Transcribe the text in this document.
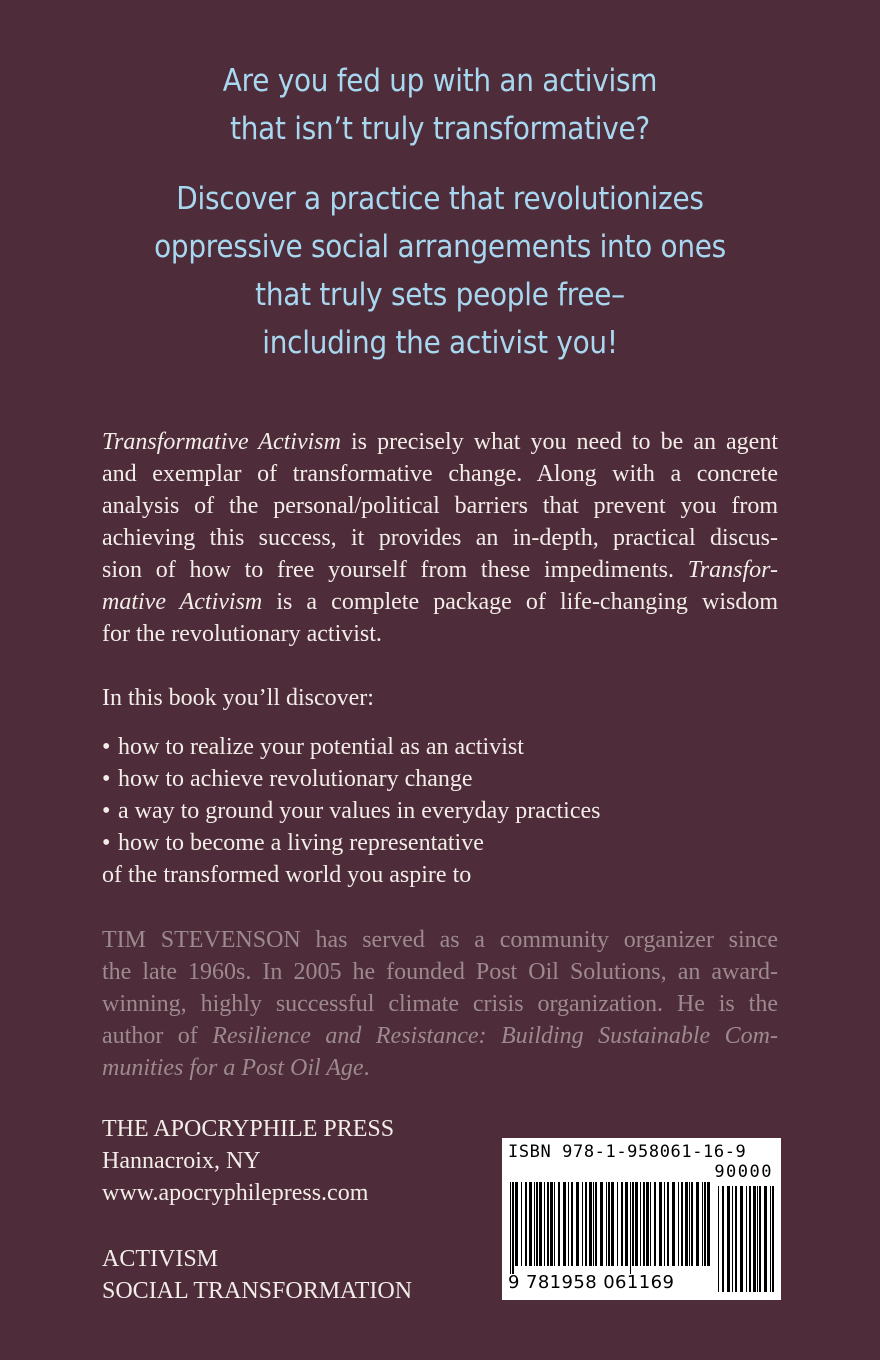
Are you fed up with an activism
that isn’t truly transformative?
Discover a practice that revolutionizes
oppressive social arrangements into ones
that truly sets people free–
including the activist you!
Transformative Activism is precisely what you need to be an agent
and exemplar of transformative change. Along with a concrete
analysis of the personal/political barriers that prevent you from
achieving this success, it provides an in-depth, practical discus-
sion of how to free yourself from these impediments. Transfor-
mative Activism is a complete package of life-changing wisdom
for the revolutionary activist.
In this book you’ll discover:
• how to realize your potential as an activist
• how to achieve revolutionary change
• a way to ground your values in everyday practices
• how to become a living representative
of the transformed world you aspire to
TIM STEVENSON has served as a community organizer since
the late 1960s. In 2005 he founded Post Oil Solutions, an award-
winning, highly successful climate crisis organization. He is the
author of Resilience and Resistance: Building Sustainable Com-
munities for a Post Oil Age.
THE APOCRYPHILE PRESS
Hannacroix, NY
www.apocryphilepress.com
ACTIVISM
SOCIAL TRANSFORMATION
ISBN 978-1-958061-16-9
90000
9 781958 061169
